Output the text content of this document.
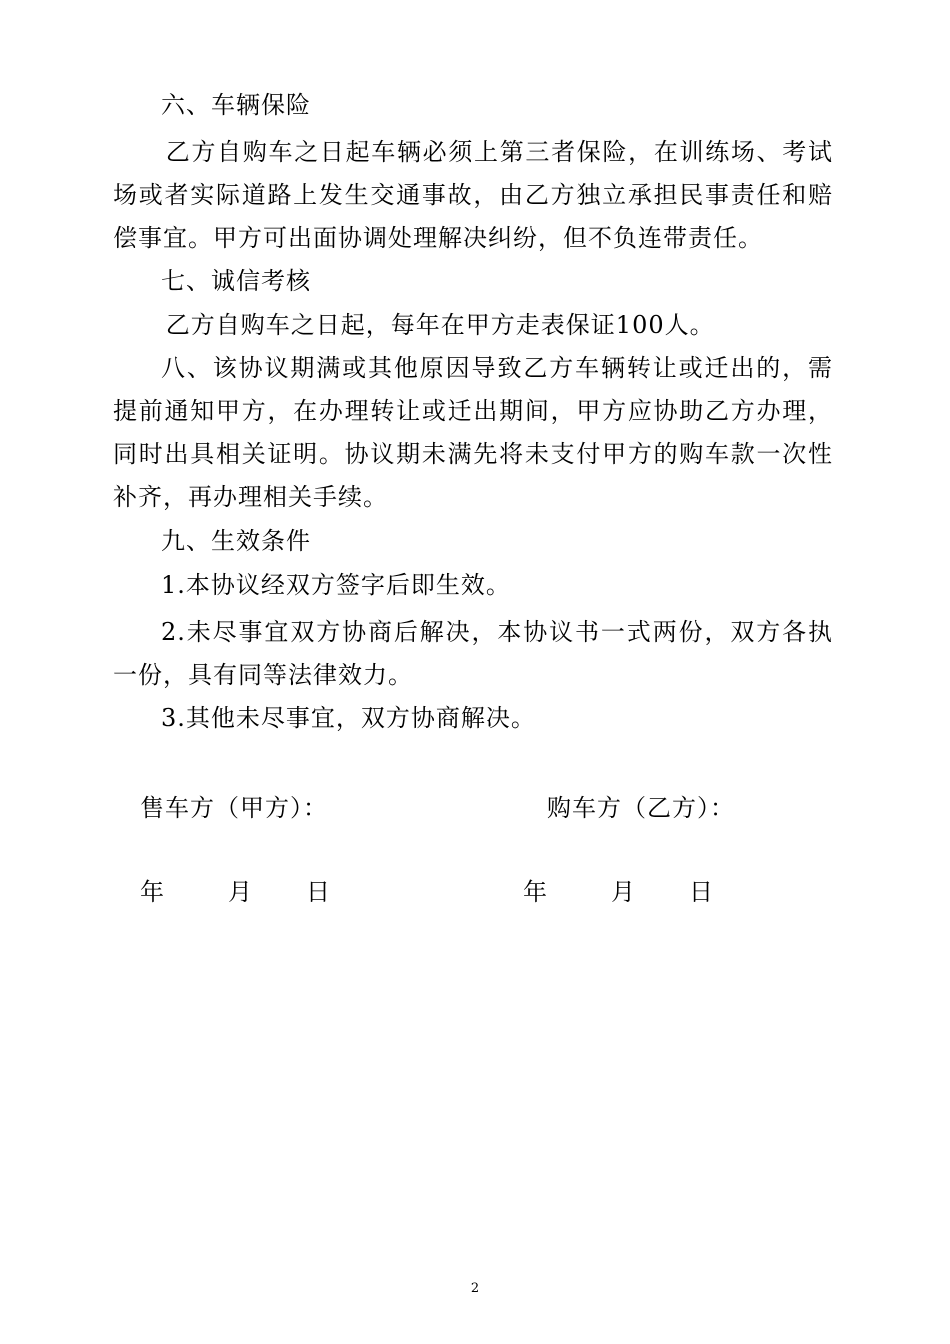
六、车辆保险

乙方自购车之日起车辆必须上第三者保险，在训练场、考试场或者实际道路上发生交通事故，由乙方独立承担民事责任和赔偿事宜。甲方可出面协调处理解决纠纷，但不负连带责任。

七、诚信考核

乙方自购车之日起，每年在甲方走表保证100人。

八、该协议期满或其他原因导致乙方车辆转让或迁出的，需提前通知甲方，在办理转让或迁出期间，甲方应协助乙方办理，同时出具相关证明。协议期未满先将未支付甲方的购车款一次性补齐，再办理相关手续。

九、生效条件

1.本协议经双方签字后即生效。

2.未尽事宜双方协商后解决，本协议书一式两份，双方各执一份，具有同等法律效力。

3.其他未尽事宜，双方协商解决。

售车方（甲方）：	购车方（乙方）：
年	月 日	年	月 日
2
